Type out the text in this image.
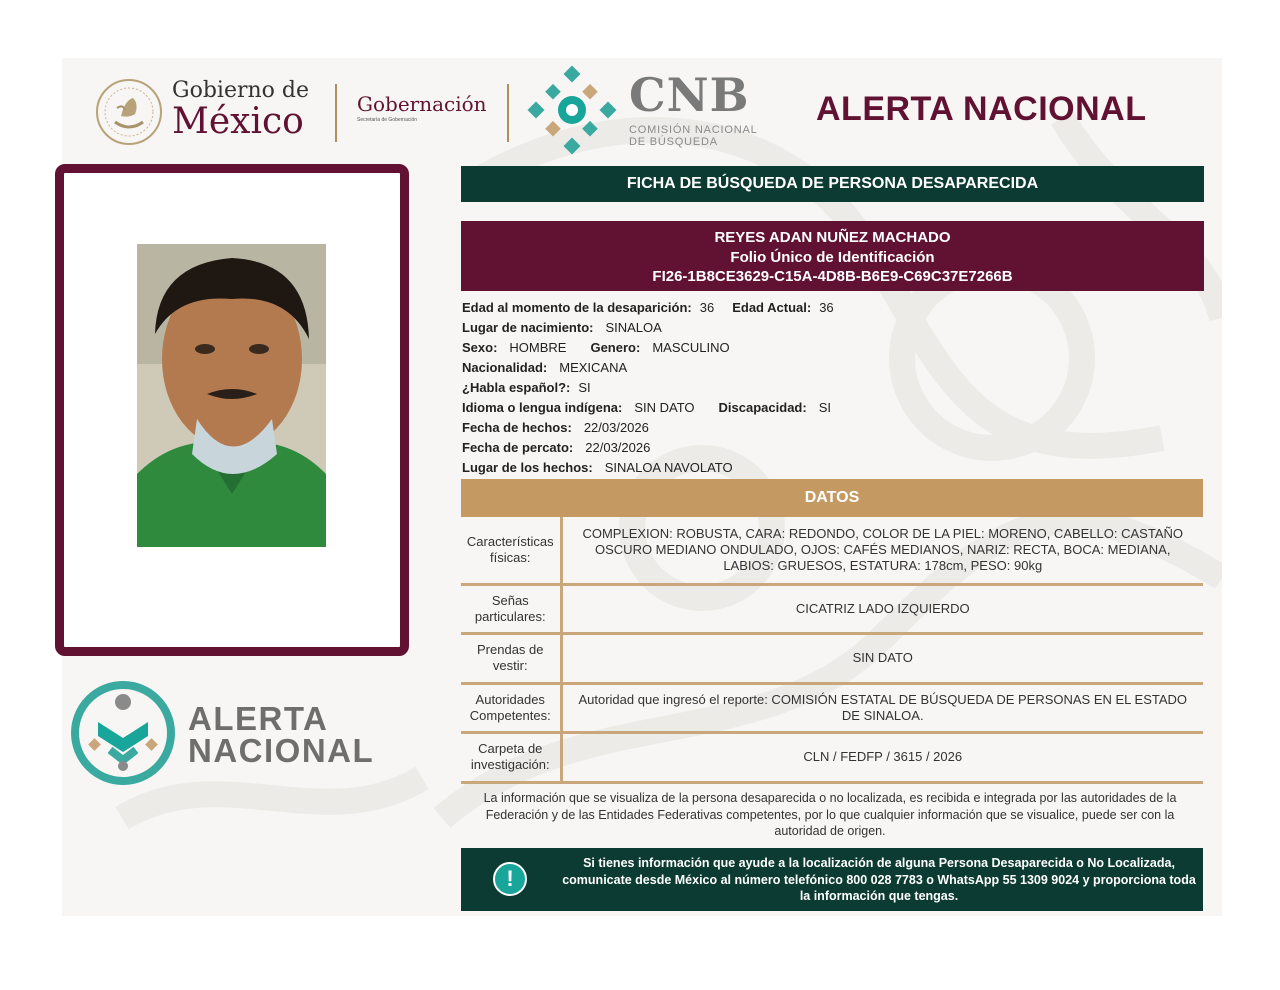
Gobierno de
México	Gobernación
Secretaría de Gobernación	CNB
COMISIÓN NACIONAL
DE BÚSQUEDA
ALERTA NACIONAL
ALERTA
NACIONAL
FICHA DE BÚSQUEDA DE PERSONA DESAPARECIDA
REYES ADAN NUÑEZ MACHADO
Folio Único de Identificación
FI26-1B8CE3629-C15A-4D8B-B6E9-C69C37E7266B
Edad al momento de la desaparición: 36 Edad Actual: 36
Lugar de nacimiento: SINALOA
Sexo: HOMBRE Genero: MASCULINO
Nacionalidad: MEXICANA
¿Habla español?: SI
Idioma o lengua indígena: SIN DATO Discapacidad: SI
Fecha de hechos: 22/03/2026
Fecha de percato: 22/03/2026
Lugar de los hechos: SINALOA NAVOLATO
DATOS
Características físicas:	COMPLEXION: ROBUSTA, CARA: REDONDO, COLOR DE LA PIEL: MORENO, CABELLO: CASTAÑO OSCURO MEDIANO ONDULADO, OJOS: CAFÉS MEDIANOS, NARIZ: RECTA, BOCA: MEDIANA, LABIOS: GRUESOS, ESTATURA: 178cm, PESO: 90kg
Señas particulares:	CICATRIZ LADO IZQUIERDO
Prendas de vestir:	SIN DATO
Autoridades Competentes:	Autoridad que ingresó el reporte: COMISIÓN ESTATAL DE BÚSQUEDA DE PERSONAS EN EL ESTADO DE SINALOA.
Carpeta de investigación:	CLN / FEDFP / 3615 / 2026
La información que se visualiza de la persona desaparecida o no localizada, es recibida e integrada por las autoridades de la Federación y de las Entidades Federativas competentes, por lo que cualquier información que se visualice, puede ser con la autoridad de origen.
!
Si tienes información que ayude a la localización de alguna Persona Desaparecida o No Localizada, comunicate desde México al número telefónico 800 028 7783 o WhatsApp 55 1309 9024 y proporciona toda la información que tengas.
